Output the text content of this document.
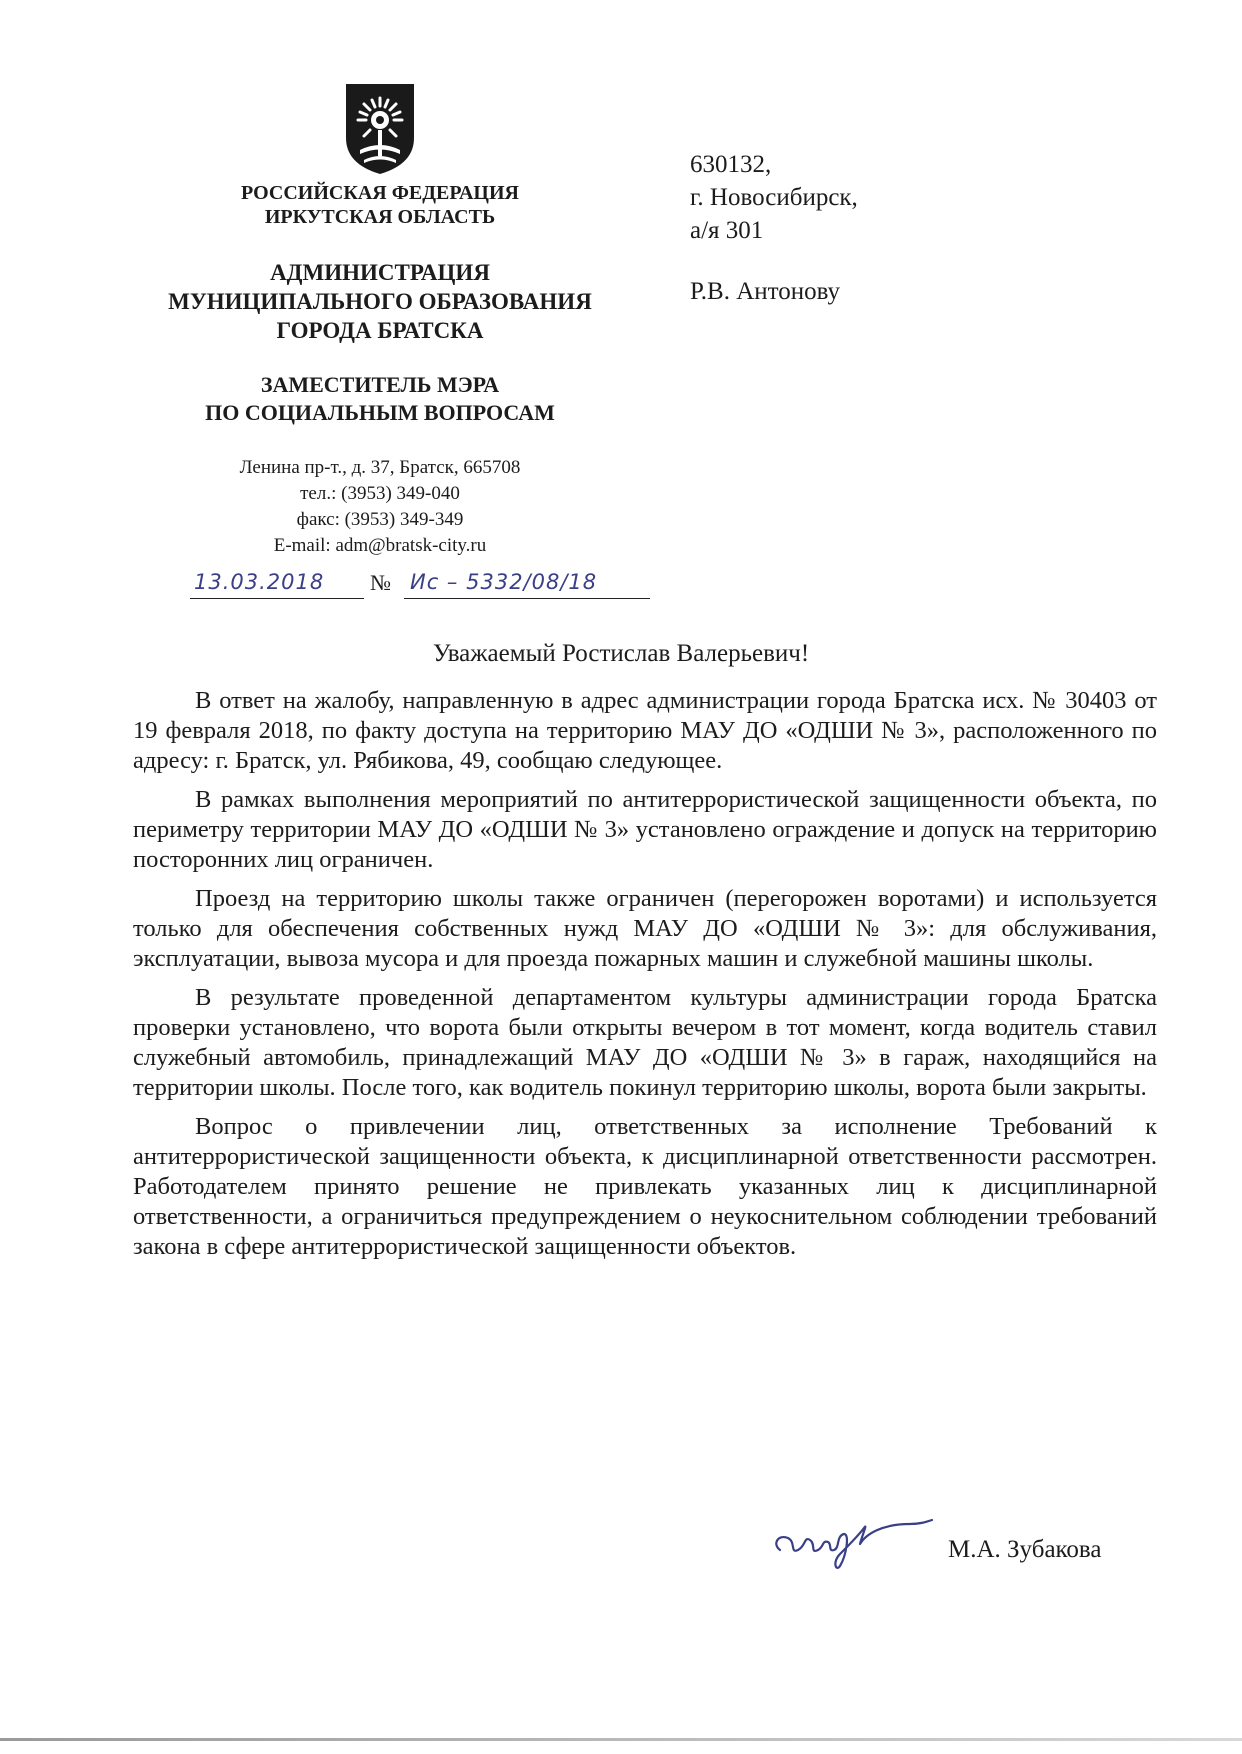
РОССИЙСКАЯ ФЕДЕРАЦИЯ
ИРКУТСКАЯ ОБЛАСТЬ
АДМИНИСТРАЦИЯ
МУНИЦИПАЛЬНОГО ОБРАЗОВАНИЯ
ГОРОДА БРАТСКА
ЗАМЕСТИТЕЛЬ МЭРА
ПО СОЦИАЛЬНЫМ ВОПРОСАМ
Ленина пр-т., д. 37, Братск, 665708
тел.: (3953) 349-040
факс: (3953) 349-349
E-mail: adm@bratsk-city.ru
13.03.2018	№ Ис – 5332/08/18
630132,
г. Новосибирск,
а/я 301
Р.В. Антонову
Уважаемый Ростислав Валерьевич!

В ответ на жалобу, направленную в адрес администрации города Братска исх. № 30403 от 19 февраля 2018, по факту доступа на территорию МАУ ДО «ОДШИ № 3», расположенного по адресу: г. Братск, ул. Рябикова, 49, сообщаю следующее.

В рамках выполнения мероприятий по антитеррористической защищенности объекта, по периметру территории МАУ ДО «ОДШИ № 3» установлено ограждение и допуск на территорию посторонних лиц ограничен.

Проезд на территорию школы также ограничен (перегорожен воротами) и используется только для обеспечения собственных нужд МАУ ДО «ОДШИ № 3»: для обслуживания, эксплуатации, вывоза мусора и для проезда пожарных машин и служебной машины школы.

В результате проведенной департаментом культуры администрации города Братска проверки установлено, что ворота были открыты вечером в тот момент, когда водитель ставил служебный автомобиль, принадлежащий МАУ ДО «ОДШИ № 3» в гараж, находящийся на территории школы. После того, как водитель покинул территорию школы, ворота были закрыты.

Вопрос о привлечении лиц, ответственных за исполнение Требований к антитеррористической защищенности объекта, к дисциплинарной ответственности рассмотрен. Работодателем принято решение не привлекать указанных лиц к дисциплинарной ответственности, а ограничиться предупреждением о неукоснительном соблюдении требований закона в сфере антитеррористической защищенности объектов.

М.А. Зубакова
